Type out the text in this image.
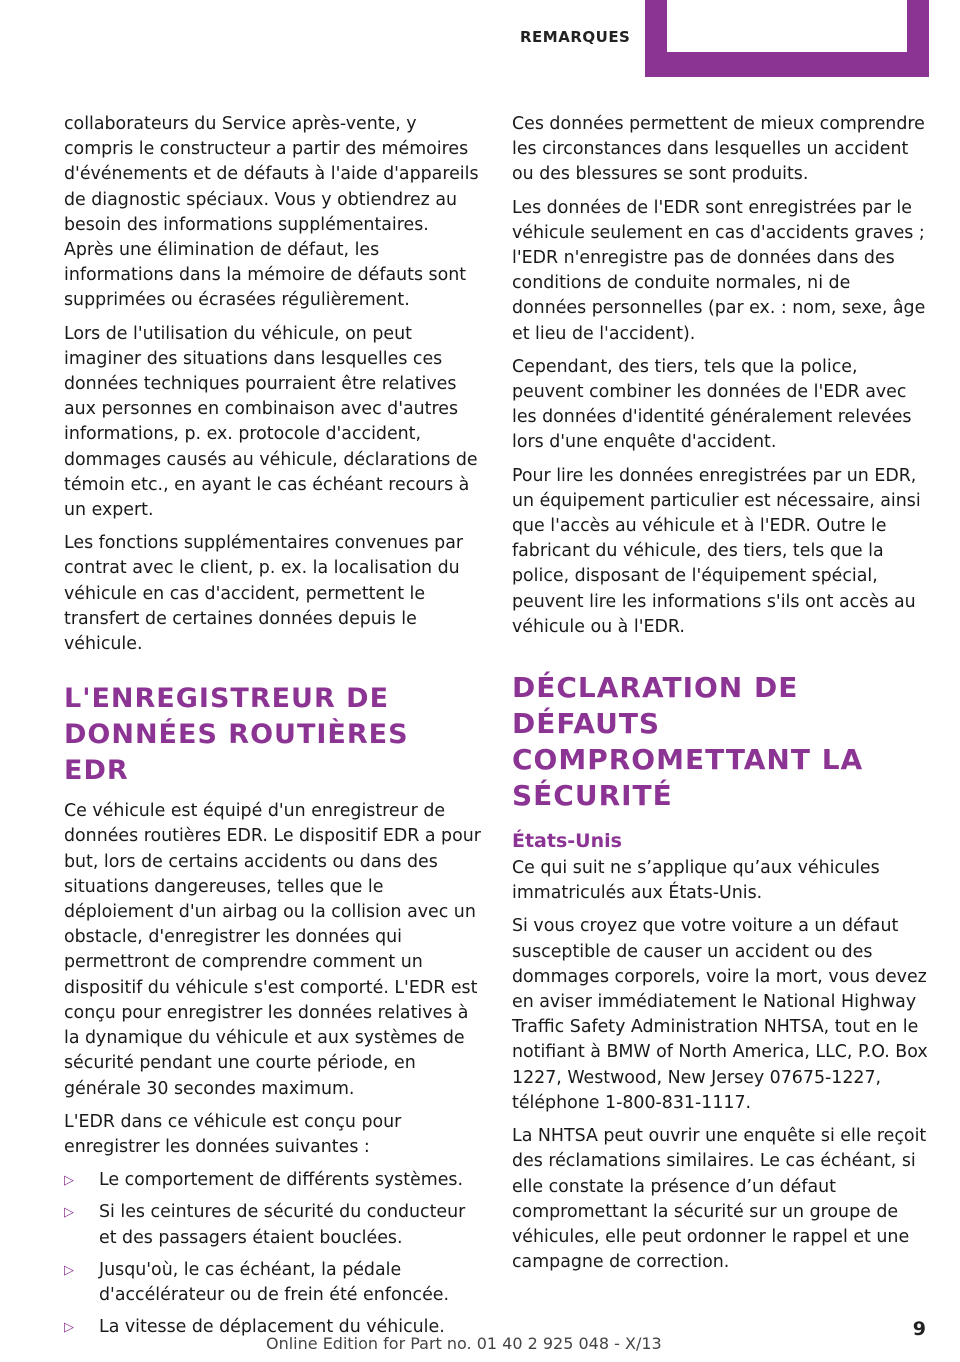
REMARQUES

collaborateurs du Service après-vente, y compris le constructeur a partir des mémoires d'événements et de défauts à l'aide d'appareils de diagnostic spéciaux. Vous y obtiendrez au besoin des informations supplémentaires. Après une élimination de défaut, les informations dans la mémoire de défauts sont supprimées ou écrasées régulièrement.

Lors de l'utilisation du véhicule, on peut imaginer des situations dans lesquelles ces données techniques pourraient être relatives aux personnes en combinaison avec d'autres informations, p. ex. protocole d'accident, dommages causés au véhicule, déclarations de témoin etc., en ayant le cas échéant recours à un expert.

Les fonctions supplémentaires convenues par contrat avec le client, p. ex. la localisation du véhicule en cas d'accident, permettent le transfert de certaines données depuis le véhicule.

L'ENREGISTREUR DE DONNÉES ROUTIÈRES EDR

Ce véhicule est équipé d'un enregistreur de données routières EDR. Le dispositif EDR a pour but, lors de certains accidents ou dans des situations dangereuses, telles que le déploiement d'un airbag ou la collision avec un obstacle, d'enregistrer les données qui permettront de comprendre comment un dispositif du véhicule s'est comporté. L'EDR est conçu pour enregistrer les données relatives à la dynamique du véhicule et aux systèmes de sécurité pendant une courte période, en générale 30 secondes maximum.

L'EDR dans ce véhicule est conçu pour enregistrer les données suivantes :

▷ Le comportement de différents systèmes.
▷ Si les ceintures de sécurité du conducteur et des passagers étaient bouclées.
▷ Jusqu'où, le cas échéant, la pédale d'accélérateur ou de frein été enfoncée.
▷ La vitesse de déplacement du véhicule.

Ces données permettent de mieux comprendre les circonstances dans lesquelles un accident ou des blessures se sont produits.

Les données de l'EDR sont enregistrées par le véhicule seulement en cas d'accidents graves ; l'EDR n'enregistre pas de données dans des conditions de conduite normales, ni de données personnelles (par ex. : nom, sexe, âge et lieu de l'accident).

Cependant, des tiers, tels que la police, peuvent combiner les données de l'EDR avec les données d'identité généralement relevées lors d'une enquête d'accident.

Pour lire les données enregistrées par un EDR, un équipement particulier est nécessaire, ainsi que l'accès au véhicule et à l'EDR. Outre le fabricant du véhicule, des tiers, tels que la police, disposant de l'équipement spécial, peuvent lire les informations s'ils ont accès au véhicule ou à l'EDR.

DÉCLARATION DE DÉFAUTS COMPROMETTANT LA SÉCURITÉ
États-Unis

Ce qui suit ne s’applique qu’aux véhicules immatriculés aux États-Unis.

Si vous croyez que votre voiture a un défaut susceptible de causer un accident ou des dommages corporels, voire la mort, vous devez en aviser immédiatement le National Highway Traffic Safety Administration NHTSA, tout en le notifiant à BMW of North America, LLC, P.O. Box 1227, Westwood, New Jersey 07675-1227, téléphone 1-800-831-1117.

La NHTSA peut ouvrir une enquête si elle reçoit des réclamations similaires. Le cas échéant, si elle constate la présence d’un défaut compromettant la sécurité sur un groupe de véhicules, elle peut ordonner le rappel et une campagne de correction.

Online Edition for Part no. 01 40 2 925 048 - X/13
9
